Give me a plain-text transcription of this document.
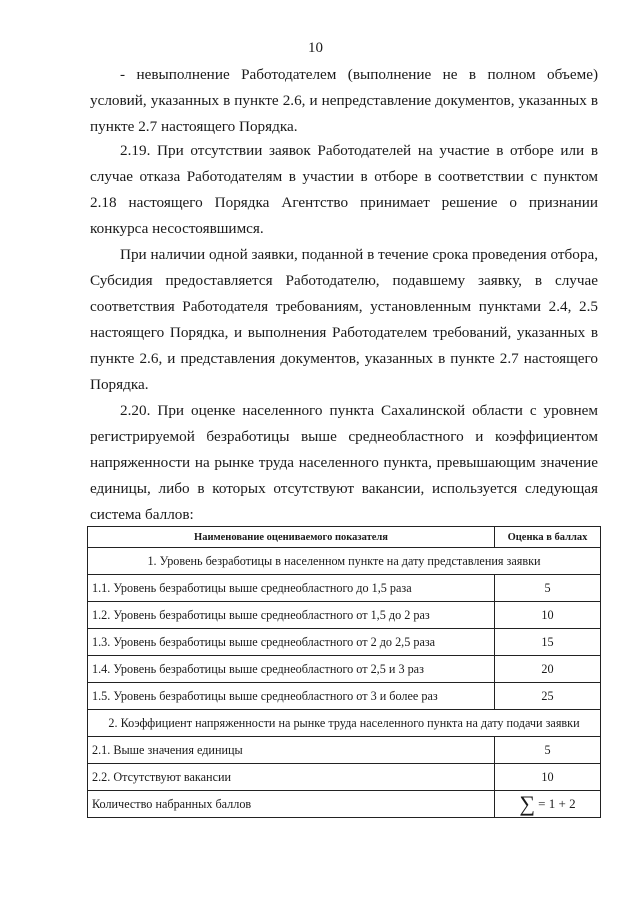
10

- невыполнение Работодателем (выполнение не в полном объеме) условий, указанных в пункте 2.6, и непредставление документов, указанных в пункте 2.7 настоящего Порядка.

2.19. При отсутствии заявок Работодателей на участие в отборе или в случае отказа Работодателям в участии в отборе в соответствии с пунктом 2.18 настоящего Порядка Агентство принимает решение о признании конкурса несостоявшимся.

При наличии одной заявки, поданной в течение срока проведения отбора, Субсидия предоставляется Работодателю, подавшему заявку, в случае соответствия Работодателя требованиям, установленным пунктами 2.4, 2.5 настоящего Порядка, и выполнения Работодателем требований, указанных в пункте 2.6, и представления документов, указанных в пункте 2.7 настоящего Порядка.

2.20. При оценке населенного пункта Сахалинской области с уровнем регистрируемой безработицы выше среднеобластного и коэффициентом напряженности на рынке труда населенного пункта, превышающим значение единицы, либо в которых отсутствуют вакансии, используется следующая система баллов:

Наименование оцениваемого показателя	Оценка в баллах
1. Уровень безработицы в населенном пункте на дату представления заявки	
1.1. Уровень безработицы выше среднеобластного до 1,5 раза	5
1.2. Уровень безработицы выше среднеобластного от 1,5 до 2 раз	10
1.3. Уровень безработицы выше среднеобластного от 2 до 2,5 раза	15
1.4. Уровень безработицы выше среднеобластного от 2,5 и 3 раз	20
1.5. Уровень безработицы выше среднеобластного от 3 и более раз	25
2. Коэффициент напряженности на рынке труда населенного пункта на дату подачи заявки	
2.1. Выше значения единицы	5
2.2. Отсутствуют вакансии	10
Количество набранных баллов	∑ = 1 + 2
